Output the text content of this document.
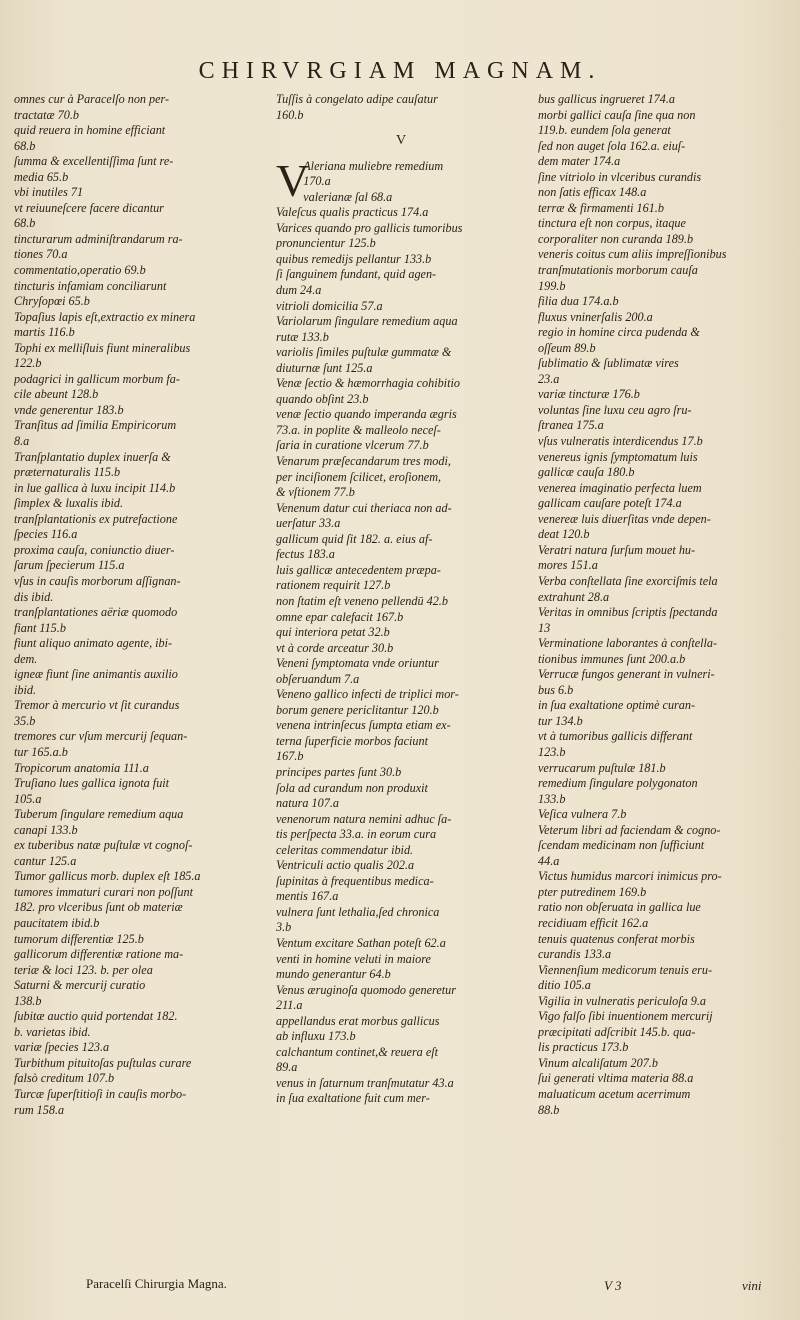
CHIRVRGIAM MAGNAM.

omnes cur à Paracelſo non per-

tractatæ 70.b

quid reuera in homine efficiant

68.b

ſumma & excellentiſſima ſunt re-

media 65.b

vbi inutiles 71

vt reiuuneſcere facere dicantur

68.b

tincturarum adminiſtrandarum ra-

tiones 70.a

commentatio,operatio 69.b

tincturis infamiam conciliarunt

Chryſopœi 65.b

Topaſius lapis eſt,extractio ex minera

martis 116.b

Tophi ex melliſluis fiunt mineralibus

122.b

podagrici in gallicum morbum fa-

cile abeunt 128.b

vnde generentur 183.b

Tranſitus ad ſimilia Empiricorum

8.a

Tranſplantatio duplex inuerſa &

præternaturalis 115.b

in lue gallica à luxu incipit 114.b

ſimplex & luxalis ibid.

tranſplantationis ex putrefactione

ſpecies 116.a

proxima cauſa, coniunctio diuer-

ſarum ſpecierum 115.a

vſus in cauſis morborum aſſignan-

dis ibid.

tranſplantationes aëriæ quomodo

fiant 115.b

fiunt aliquo animato agente, ibi-

dem.

igneæ fiunt ſine animantis auxilio

ibid.

Tremor à mercurio vt ſit curandus

35.b

tremores cur vſum mercurij ſequan-

tur 165.a.b

Tropicorum anatomia 111.a

Truſiano lues gallica ignota fuit

105.a

Tuberum ſingulare remedium aqua

canapi 133.b

ex tuberibus natæ puſtulæ vt cognoſ-

cantur 125.a

Tumor gallicus morb. duplex eſt 185.a

tumores immaturi curari non poſſunt

182. pro vlceribus ſunt ob materiæ

paucitatem ibid.b

tumorum differentiæ 125.b

gallicorum differentiæ ratione ma-

teriæ & loci 123. b. per olea

Saturni & mercurij curatio

138.b

ſubitæ auctio quid portendat 182.

b. varietas ibid.

variæ ſpecies 123.a

Turbithum pituitoſas puſtulas curare

falsò creditum 107.b

Turcæ ſuperſtitioſi in cauſis morbo-

rum 158.a

Tuſſis à congelato adipe cauſatur

160.b

V
V

Aleriana muliebre remedium

170.a

valerianæ ſal 68.a

Valeſcus qualis practicus 174.a

Varices quando pro gallicis tumoribus

pronuncientur 125.b

quibus remedijs pellantur 133.b

ſi ſanguinem fundant, quid agen-

dum 24.a

vitrioli domicilia 57.a

Variolarum ſingulare remedium aqua

rutæ 133.b

variolis ſimiles puſtulæ gummatæ &

diuturnæ ſunt 125.a

Venæ ſectio & hæmorrhagia cohibitio

quando obſint 23.b

venæ ſectio quando imperanda ægris

73.a. in poplite & malleolo neceſ-

ſaria in curatione vlcerum 77.b

Venarum præſecandarum tres modi,

per inciſionem ſcilicet, eroſionem,

& vſtionem 77.b

Venenum datur cui theriaca non ad-

uerſatur 33.a

gallicum quid ſit 182. a. eius af-

fectus 183.a

luis gallicæ antecedentem præpa-

rationem requirit 127.b

non ſtatim eſt veneno pellendū 42.b

omne epar calefacit 167.b

qui interiora petat 32.b

vt à corde arceatur 30.b

Veneni ſymptomata vnde oriuntur

obſeruandum 7.a

Veneno gallico infecti de triplici mor-

borum genere periclitantur 120.b

venena intrinſecus ſumpta etiam ex-

terna ſuperficie morbos faciunt

167.b

principes partes ſunt 30.b

ſola ad curandum non produxit

natura 107.a

venenorum natura nemini adhuc ſa-

tis perſpecta 33.a. in eorum cura

celeritas commendatur ibid.

Ventriculi actio qualis 202.a

ſupinitas à frequentibus medica-

mentis 167.a

vulnera ſunt lethalia,ſed chronica

3.b

Ventum excitare Sathan poteſt 62.a

venti in homine veluti in maiore

mundo generantur 64.b

Venus æruginoſa quomodo generetur

211.a

appellandus erat morbus gallicus

ab influxu 173.b

calchantum continet,& reuera eſt

89.a

venus in ſaturnum tranſmutatur 43.a

in ſua exaltatione fuit cum mer-

bus gallicus ingrueret 174.a

morbi gallici cauſa ſine qua non

119.b. eundem ſola generat

ſed non auget ſola 162.a. eiuſ-

dem mater 174.a

ſine vitriolo in vlceribus curandis

non ſatis efficax 148.a

terræ & firmamenti 161.b

tinctura eſt non corpus, itaque

corporaliter non curanda 189.b

veneris coitus cum aliis impreſſionibus

tranſmutationis morborum cauſa

199.b

filia dua 174.a.b

fluxus vninerſalis 200.a

regio in homine circa pudenda &

oſſeum 89.b

ſublimatio & ſublimatæ vires

23.a

variæ tincturæ 176.b

voluntas ſine luxu ceu agro ſru-

ſtranea 175.a

vſus vulneratis interdicendus 17.b

venereus ignis ſymptomatum luis

gallicæ cauſa 180.b

venerea imaginatio perfecta luem

gallicam cauſare poteſt 174.a

venereæ luis diuerſitas vnde depen-

deat 120.b

Veratri natura ſurſum mouet hu-

mores 151.a

Verba conſtellata ſine exorciſmis tela

extrahunt 28.a

Veritas in omnibus ſcriptis ſpectanda

13

Verminatione laborantes à conſtella-

tionibus immunes ſunt 200.a.b

Verrucæ fungos generant in vulneri-

bus 6.b

in ſua exaltatione optimè curan-

tur 134.b

vt à tumoribus gallicis differant

123.b

verrucarum puſtulæ 181.b

remedium ſingulare polygonaton

133.b

Veſica vulnera 7.b

Veterum libri ad faciendam & cogno-

ſcendam medicinam non ſufficiunt

44.a

Victus humidus marcori inimicus pro-

pter putredinem 169.b

ratio non obſeruata in gallica lue

recidiuam efficit 162.a

tenuis quatenus conferat morbis

curandis 133.a

Viennenſium medicorum tenuis eru-

ditio 105.a

Vigilia in vulneratis periculoſa 9.a

Vigo falſo ſibi inuentionem mercurij

præcipitati adſcribit 145.b. qua-

lis practicus 173.b

Vinum alcaliſatum 207.b

ſui generati vltima materia 88.a

maluaticum acetum acerrimum

88.b

Paracelſi Chirurgia Magna.	V 3	vini
